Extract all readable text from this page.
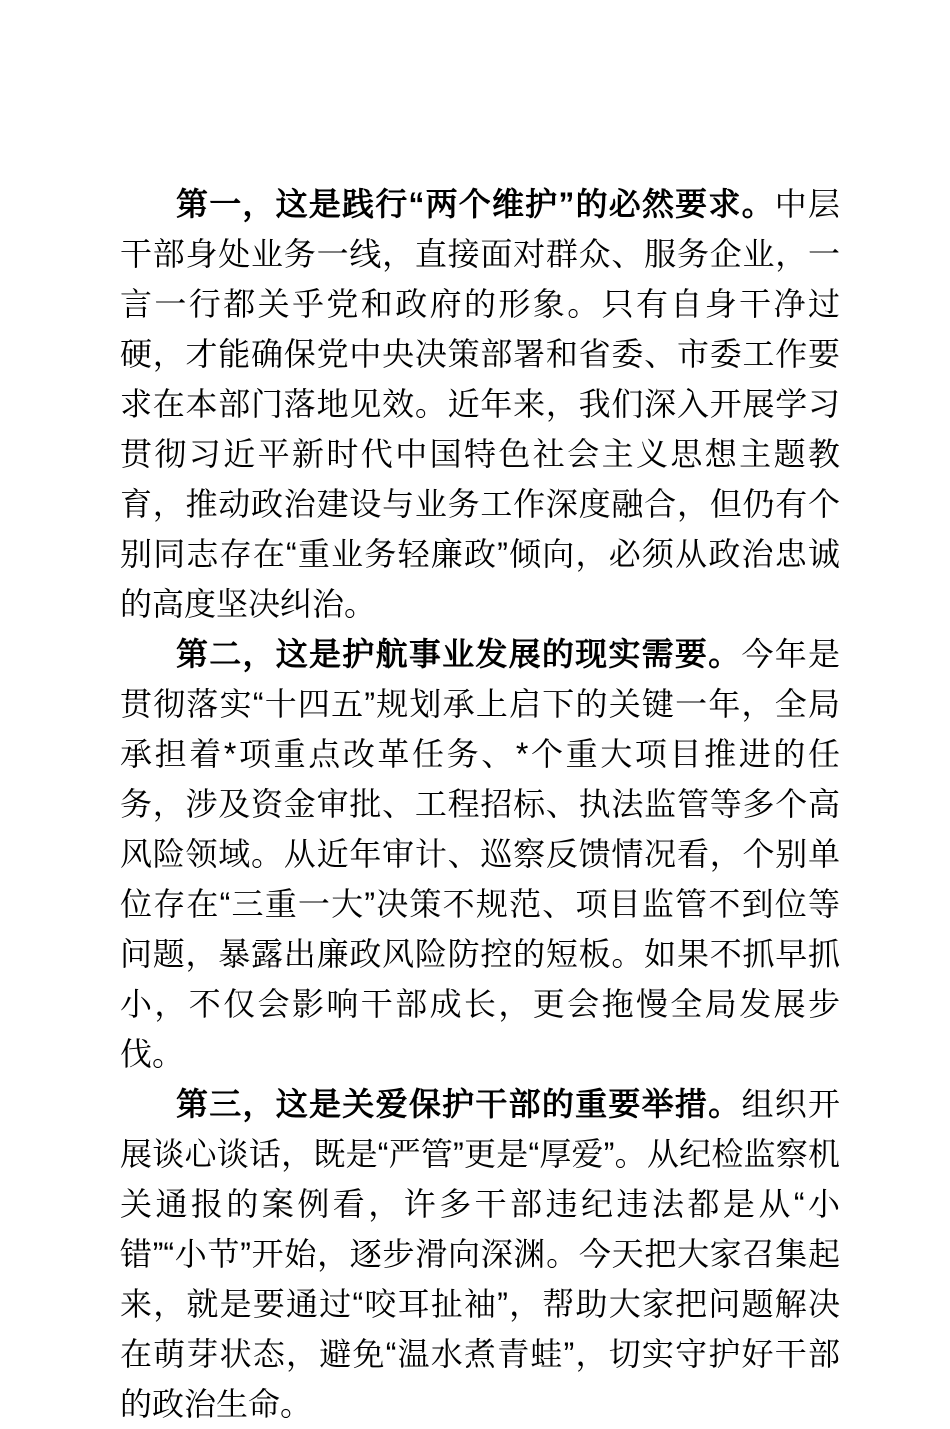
第一，这是践行“两个维护”的必然要求。中层干部身处业务一线，直接面对群众、服务企业，一言一行都关乎党和政府的形象。只有自身干净过硬，才能确保党中央决策部署和省委、市委工作要求在本部门落地见效。近年来，我们深入开展学习贯彻习近平新时代中国特色社会主义思想主题教育，推动政治建设与业务工作深度融合，但仍有个别同志存在“重业务轻廉政”倾向，必须从政治忠诚的高度坚决纠治。

第二，这是护航事业发展的现实需要。今年是贯彻落实“十四五”规划承上启下的关键一年，全局承担着*项重点改革任务、*个重大项目推进的任务，涉及资金审批、工程招标、执法监管等多个高风险领域。从近年审计、巡察反馈情况看，个别单位存在“三重一大”决策不规范、项目监管不到位等问题，暴露出廉政风险防控的短板。如果不抓早抓小，不仅会影响干部成长，更会拖慢全局发展步伐。

第三，这是关爱保护干部的重要举措。组织开展谈心谈话，既是“严管”更是“厚爱”。从纪检监察机关通报的案例看，许多干部违纪违法都是从“小错”“小节”开始，逐步滑向深渊。今天把大家召集起来，就是要通过“咬耳扯袖”，帮助大家把问题解决在萌芽状态，避免“温水煮青蛙”，切实守护好干部的政治生命。
